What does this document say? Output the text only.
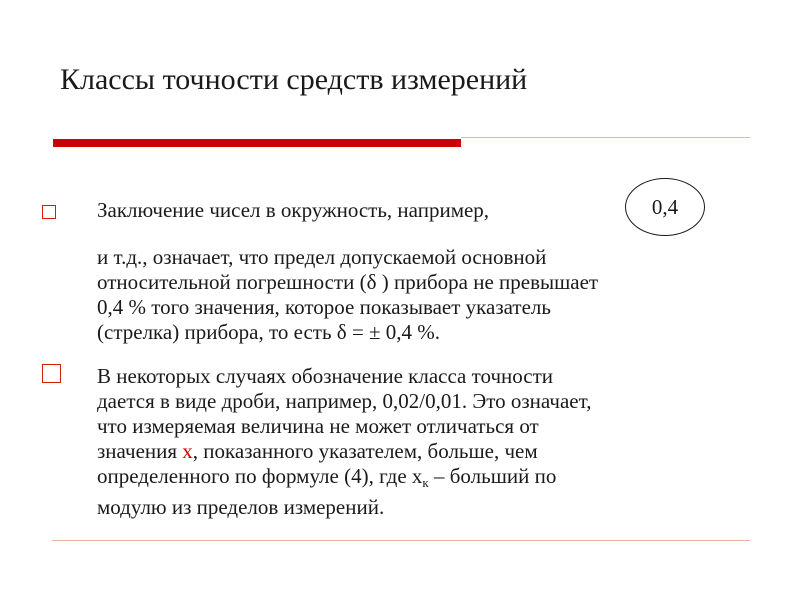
Классы точности средств измерений
Заключение чисел в окружность, например,	0,4
и т.д., означает, что предел допускаемой основной
относительной погрешности (δ ) прибора не превышает
0,4 % того значения, которое показывает указатель
(стрелка) прибора, то есть δ = ± 0,4 %.
В некоторых случаях обозначение класса точности
дается в виде дроби, например, 0,02/0,01. Это означает,
что измеряемая величина не может отличаться от
значения x, показанного указателем, больше, чем
определенного по формуле (4), где $x_к$ – больший по
модулю из пределов измерений.
